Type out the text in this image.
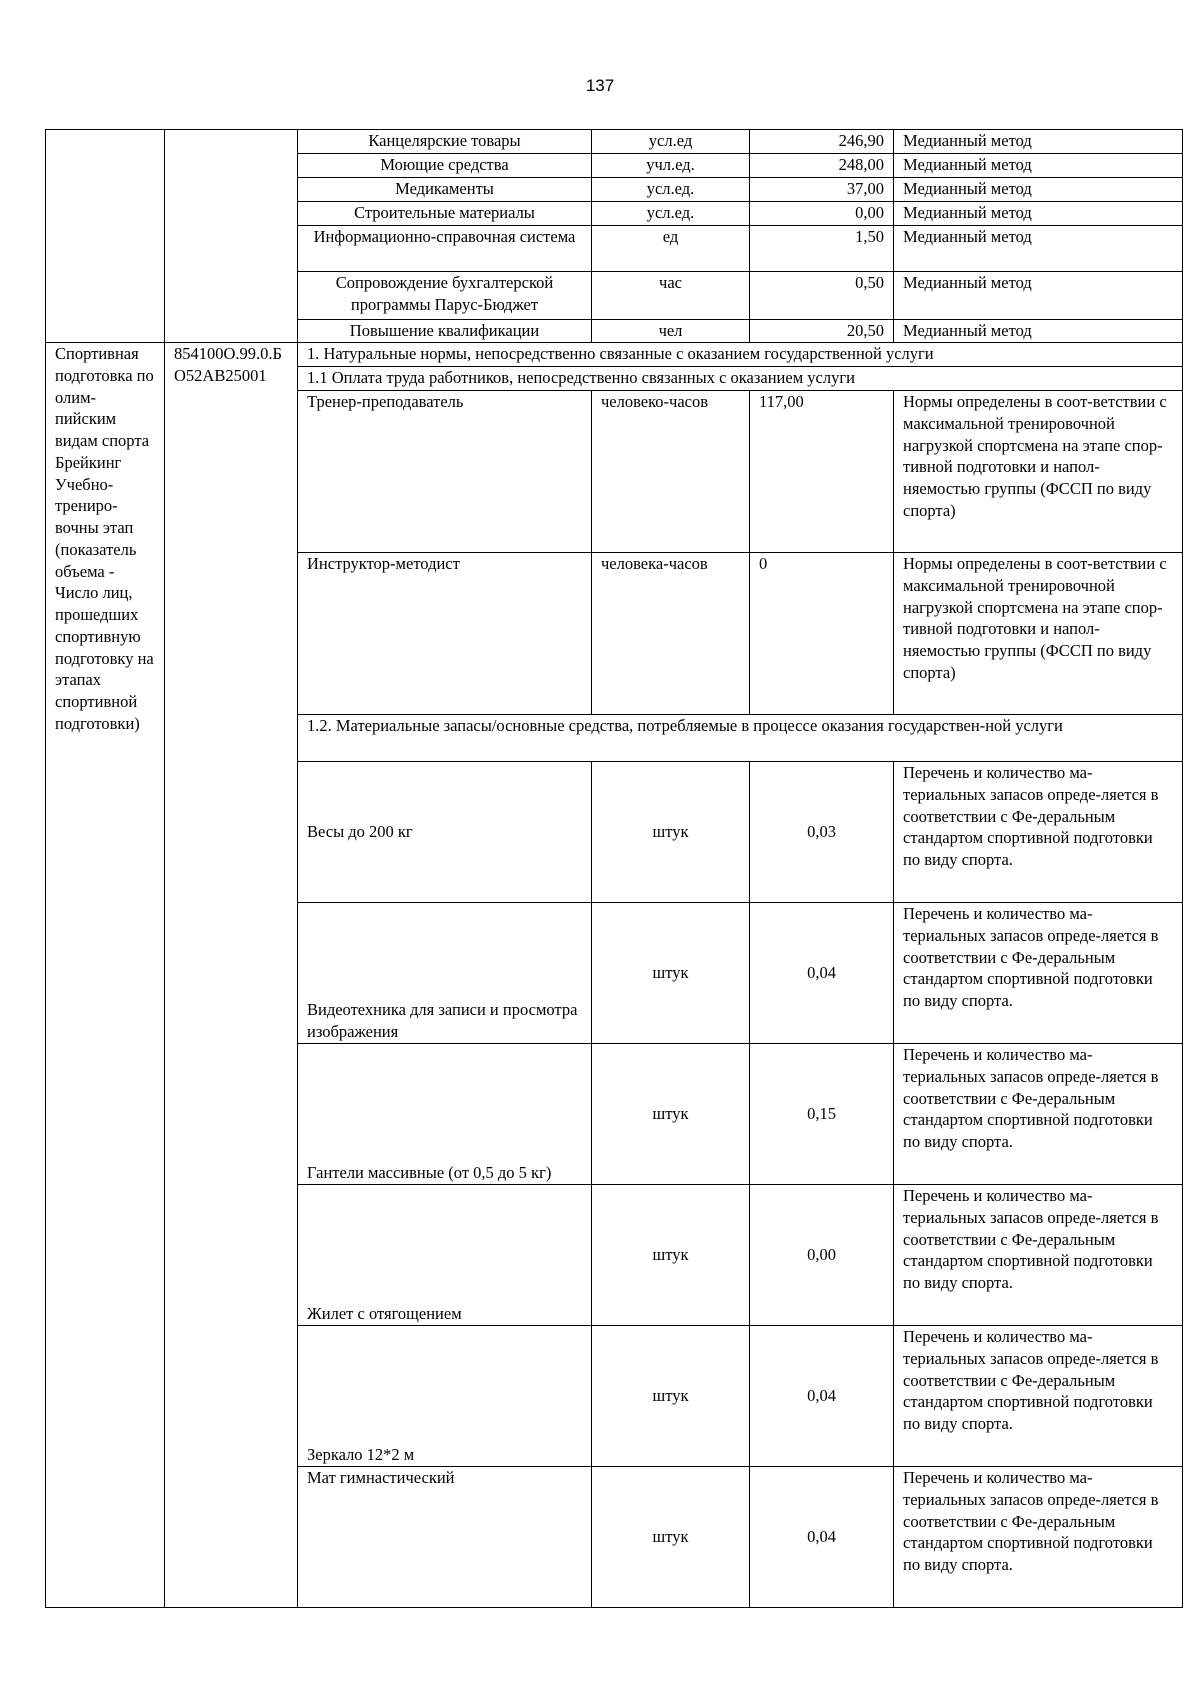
137
		Канцелярские товары	усл.ед	246,90	Медианный метод
		Моющие средства	учл.ед.	248,00	Медианный метод
		Медикаменты	усл.ед.	37,00	Медианный метод
		Строительные материалы	усл.ед.	0,00	Медианный метод
		Информационно-справочная система	ед	1,50	Медианный метод
		Сопровождение бухгалтерской программы Парус-Бюджет	час	0,50	Медианный метод
		Повышение квалификации	чел	20,50	Медианный метод
Спортивная подготовка по олим-пийским видам спорта Брейкинг Учебно-трениро-вочны этап (показатель объема - Число лиц, прошедших спортивную подготовку на этапах спортивной подготовки)	854100О.99.0.БО52АВ25001	1. Натуральные нормы, непосредственно связанные с оказанием государственной услуги			
		1.1 Оплата труда работников, непосредственно связанных с оказанием услуги			
		Тренер-преподаватель	человеко-часов	117,00	Нормы определены в соот-ветствии с максимальной тренировочной нагрузкой спортсмена на этапе спор-тивной подготовки и напол-няемостью группы (ФССП по виду спорта)
		Инструктор-методист	человека-часов	0	Нормы определены в соот-ветствии с максимальной тренировочной нагрузкой спортсмена на этапе спор-тивной подготовки и напол-няемостью группы (ФССП по виду спорта)
		1.2. Материальные запасы/основные средства, потребляемые в процессе оказания государствен-ной услуги			
		Весы до 200 кг	штук	0,03	Перечень и количество ма-териальных запасов опреде-ляется в соответствии с Фе-деральным стандартом спортивной подготовки по виду спорта.
		Видеотехника для записи и просмотра изображения	штук	0,04	Перечень и количество ма-териальных запасов опреде-ляется в соответствии с Фе-деральным стандартом спортивной подготовки по виду спорта.
		Гантели массивные (от 0,5 до 5 кг)	штук	0,15	Перечень и количество ма-териальных запасов опреде-ляется в соответствии с Фе-деральным стандартом спортивной подготовки по виду спорта.
		Жилет с отягощением	штук	0,00	Перечень и количество ма-териальных запасов опреде-ляется в соответствии с Фе-деральным стандартом спортивной подготовки по виду спорта.
		Зеркало 12*2 м	штук	0,04	Перечень и количество ма-териальных запасов опреде-ляется в соответствии с Фе-деральным стандартом спортивной подготовки по виду спорта.
		Мат гимнастический	штук	0,04	Перечень и количество ма-териальных запасов опреде-ляется в соответствии с Фе-деральным стандартом спортивной подготовки по виду спорта.
